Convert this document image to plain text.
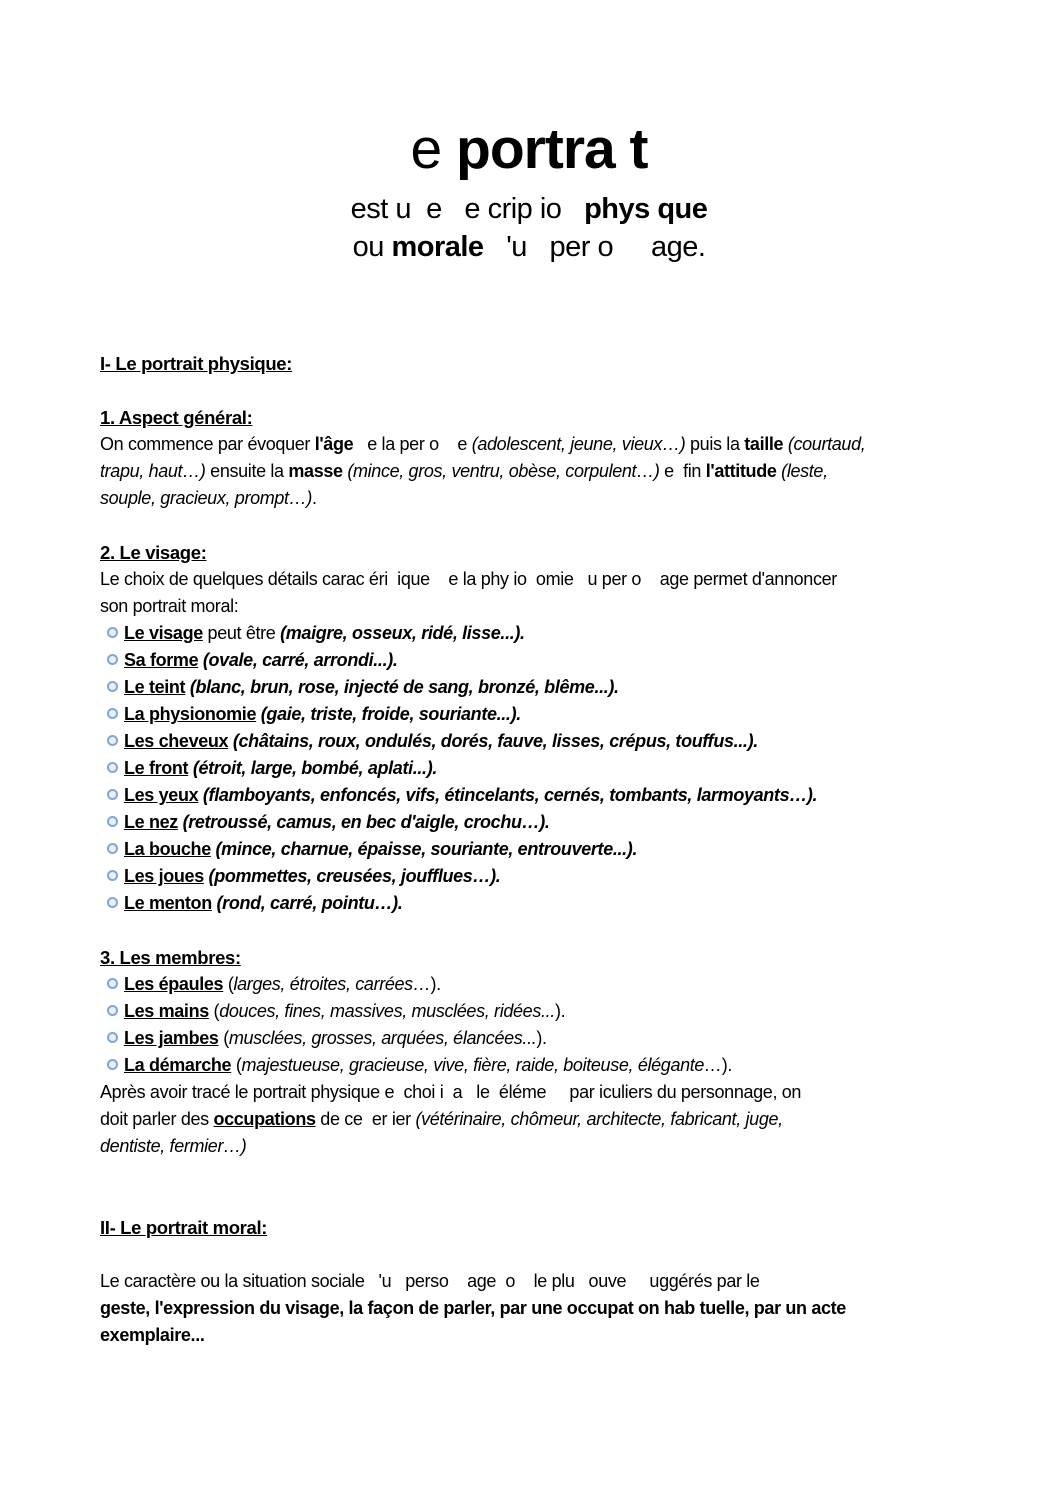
e portra t
est u  e   e crip io   phys que
ou morale   'u   per o     age.
I- Le portrait physique:
1. Aspect général:
On commence par évoquer l'âge   e la per o    e (adolescent, jeune, vieux…) puis la taille (courtaud,
trapu, haut…) ensuite la masse (mince, gros, ventru, obèse, corpulent…) e  fin l'attitude (leste,
souple, gracieux, prompt…).
2. Le visage:
Le choix de quelques détails carac éri  ique    e la phy io  omie   u per o    age permet d'annoncer
son portrait moral:
Le visage peut être (maigre, osseux, ridé, lisse...).
Sa forme (ovale, carré, arrondi...).
Le teint (blanc, brun, rose, injecté de sang, bronzé, blême...).
La physionomie (gaie, triste, froide, souriante...).
Les cheveux (châtains, roux, ondulés, dorés, fauve, lisses, crépus, touffus...).
Le front (étroit, large, bombé, aplati...).
Les yeux (flamboyants, enfoncés, vifs, étincelants, cernés, tombants, larmoyants…).
Le nez (retroussé, camus, en bec d'aigle, crochu…).
La bouche (mince, charnue, épaisse, souriante, entrouverte...).
Les joues (pommettes, creusées, joufflues…).
Le menton (rond, carré, pointu…).
3. Les membres:
Les épaules (larges, étroites, carrées…).
Les mains (douces, fines, massives, musclées, ridées...).
Les jambes (musclées, grosses, arquées, élancées...).
La démarche (majestueuse, gracieuse, vive, fière, raide, boiteuse, élégante…).
Après avoir tracé le portrait physique e  choi i  a   le  éléme     par iculiers du personnage, on
doit parler des occupations de ce  er ier (vétérinaire, chômeur, architecte, fabricant, juge,
dentiste, fermier…)
II- Le portrait moral:
Le caractère ou la situation sociale   'u   perso    age  o    le plu   ouve     uggérés par le
geste, l'expression du visage, la façon de parler, par une occupat on hab tuelle, par un acte
exemplaire...
